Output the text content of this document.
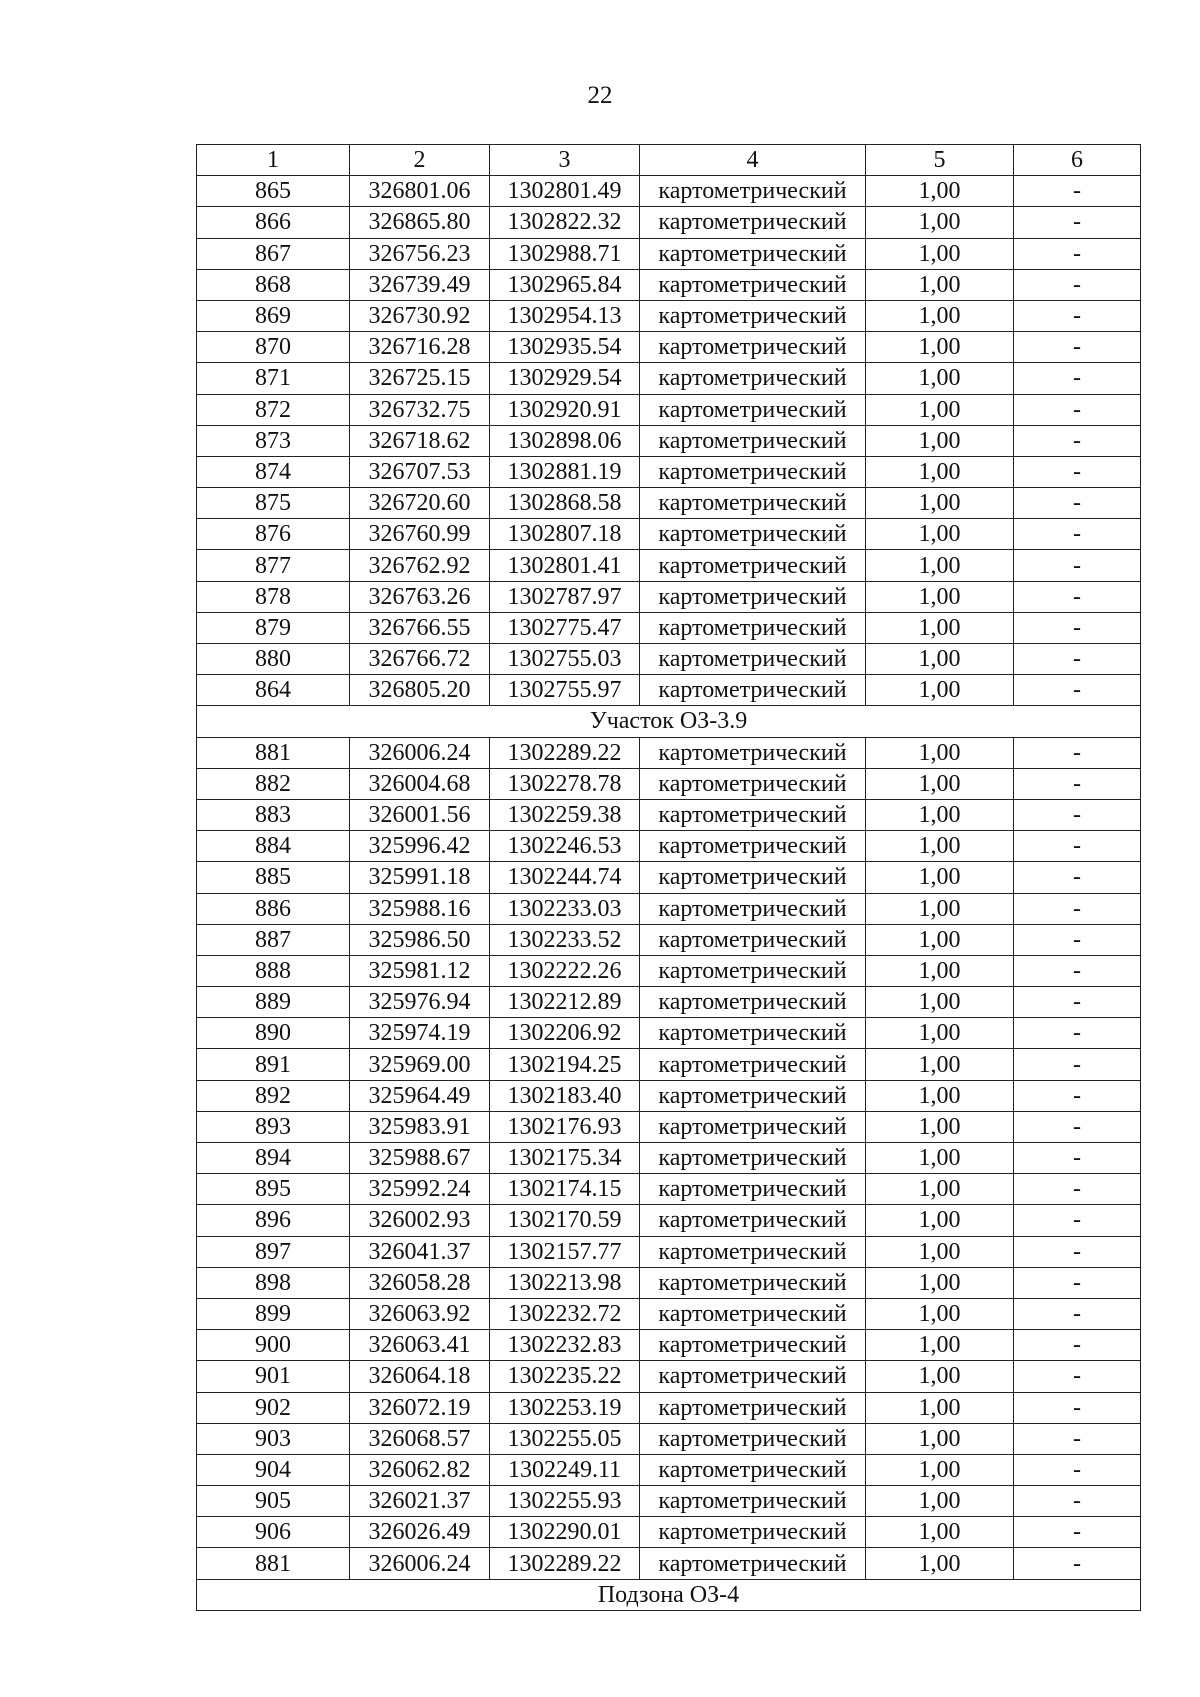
22
1	2	3	4	5	6
865	326801.06	1302801.49	картометрический	1,00	-
866	326865.80	1302822.32	картометрический	1,00	-
867	326756.23	1302988.71	картометрический	1,00	-
868	326739.49	1302965.84	картометрический	1,00	-
869	326730.92	1302954.13	картометрический	1,00	-
870	326716.28	1302935.54	картометрический	1,00	-
871	326725.15	1302929.54	картометрический	1,00	-
872	326732.75	1302920.91	картометрический	1,00	-
873	326718.62	1302898.06	картометрический	1,00	-
874	326707.53	1302881.19	картометрический	1,00	-
875	326720.60	1302868.58	картометрический	1,00	-
876	326760.99	1302807.18	картометрический	1,00	-
877	326762.92	1302801.41	картометрический	1,00	-
878	326763.26	1302787.97	картометрический	1,00	-
879	326766.55	1302775.47	картометрический	1,00	-
880	326766.72	1302755.03	картометрический	1,00	-
864	326805.20	1302755.97	картометрический	1,00	-
Участок ОЗ-3.9					
881	326006.24	1302289.22	картометрический	1,00	-
882	326004.68	1302278.78	картометрический	1,00	-
883	326001.56	1302259.38	картометрический	1,00	-
884	325996.42	1302246.53	картометрический	1,00	-
885	325991.18	1302244.74	картометрический	1,00	-
886	325988.16	1302233.03	картометрический	1,00	-
887	325986.50	1302233.52	картометрический	1,00	-
888	325981.12	1302222.26	картометрический	1,00	-
889	325976.94	1302212.89	картометрический	1,00	-
890	325974.19	1302206.92	картометрический	1,00	-
891	325969.00	1302194.25	картометрический	1,00	-
892	325964.49	1302183.40	картометрический	1,00	-
893	325983.91	1302176.93	картометрический	1,00	-
894	325988.67	1302175.34	картометрический	1,00	-
895	325992.24	1302174.15	картометрический	1,00	-
896	326002.93	1302170.59	картометрический	1,00	-
897	326041.37	1302157.77	картометрический	1,00	-
898	326058.28	1302213.98	картометрический	1,00	-
899	326063.92	1302232.72	картометрический	1,00	-
900	326063.41	1302232.83	картометрический	1,00	-
901	326064.18	1302235.22	картометрический	1,00	-
902	326072.19	1302253.19	картометрический	1,00	-
903	326068.57	1302255.05	картометрический	1,00	-
904	326062.82	1302249.11	картометрический	1,00	-
905	326021.37	1302255.93	картометрический	1,00	-
906	326026.49	1302290.01	картометрический	1,00	-
881	326006.24	1302289.22	картометрический	1,00	-
Подзона ОЗ-4					
